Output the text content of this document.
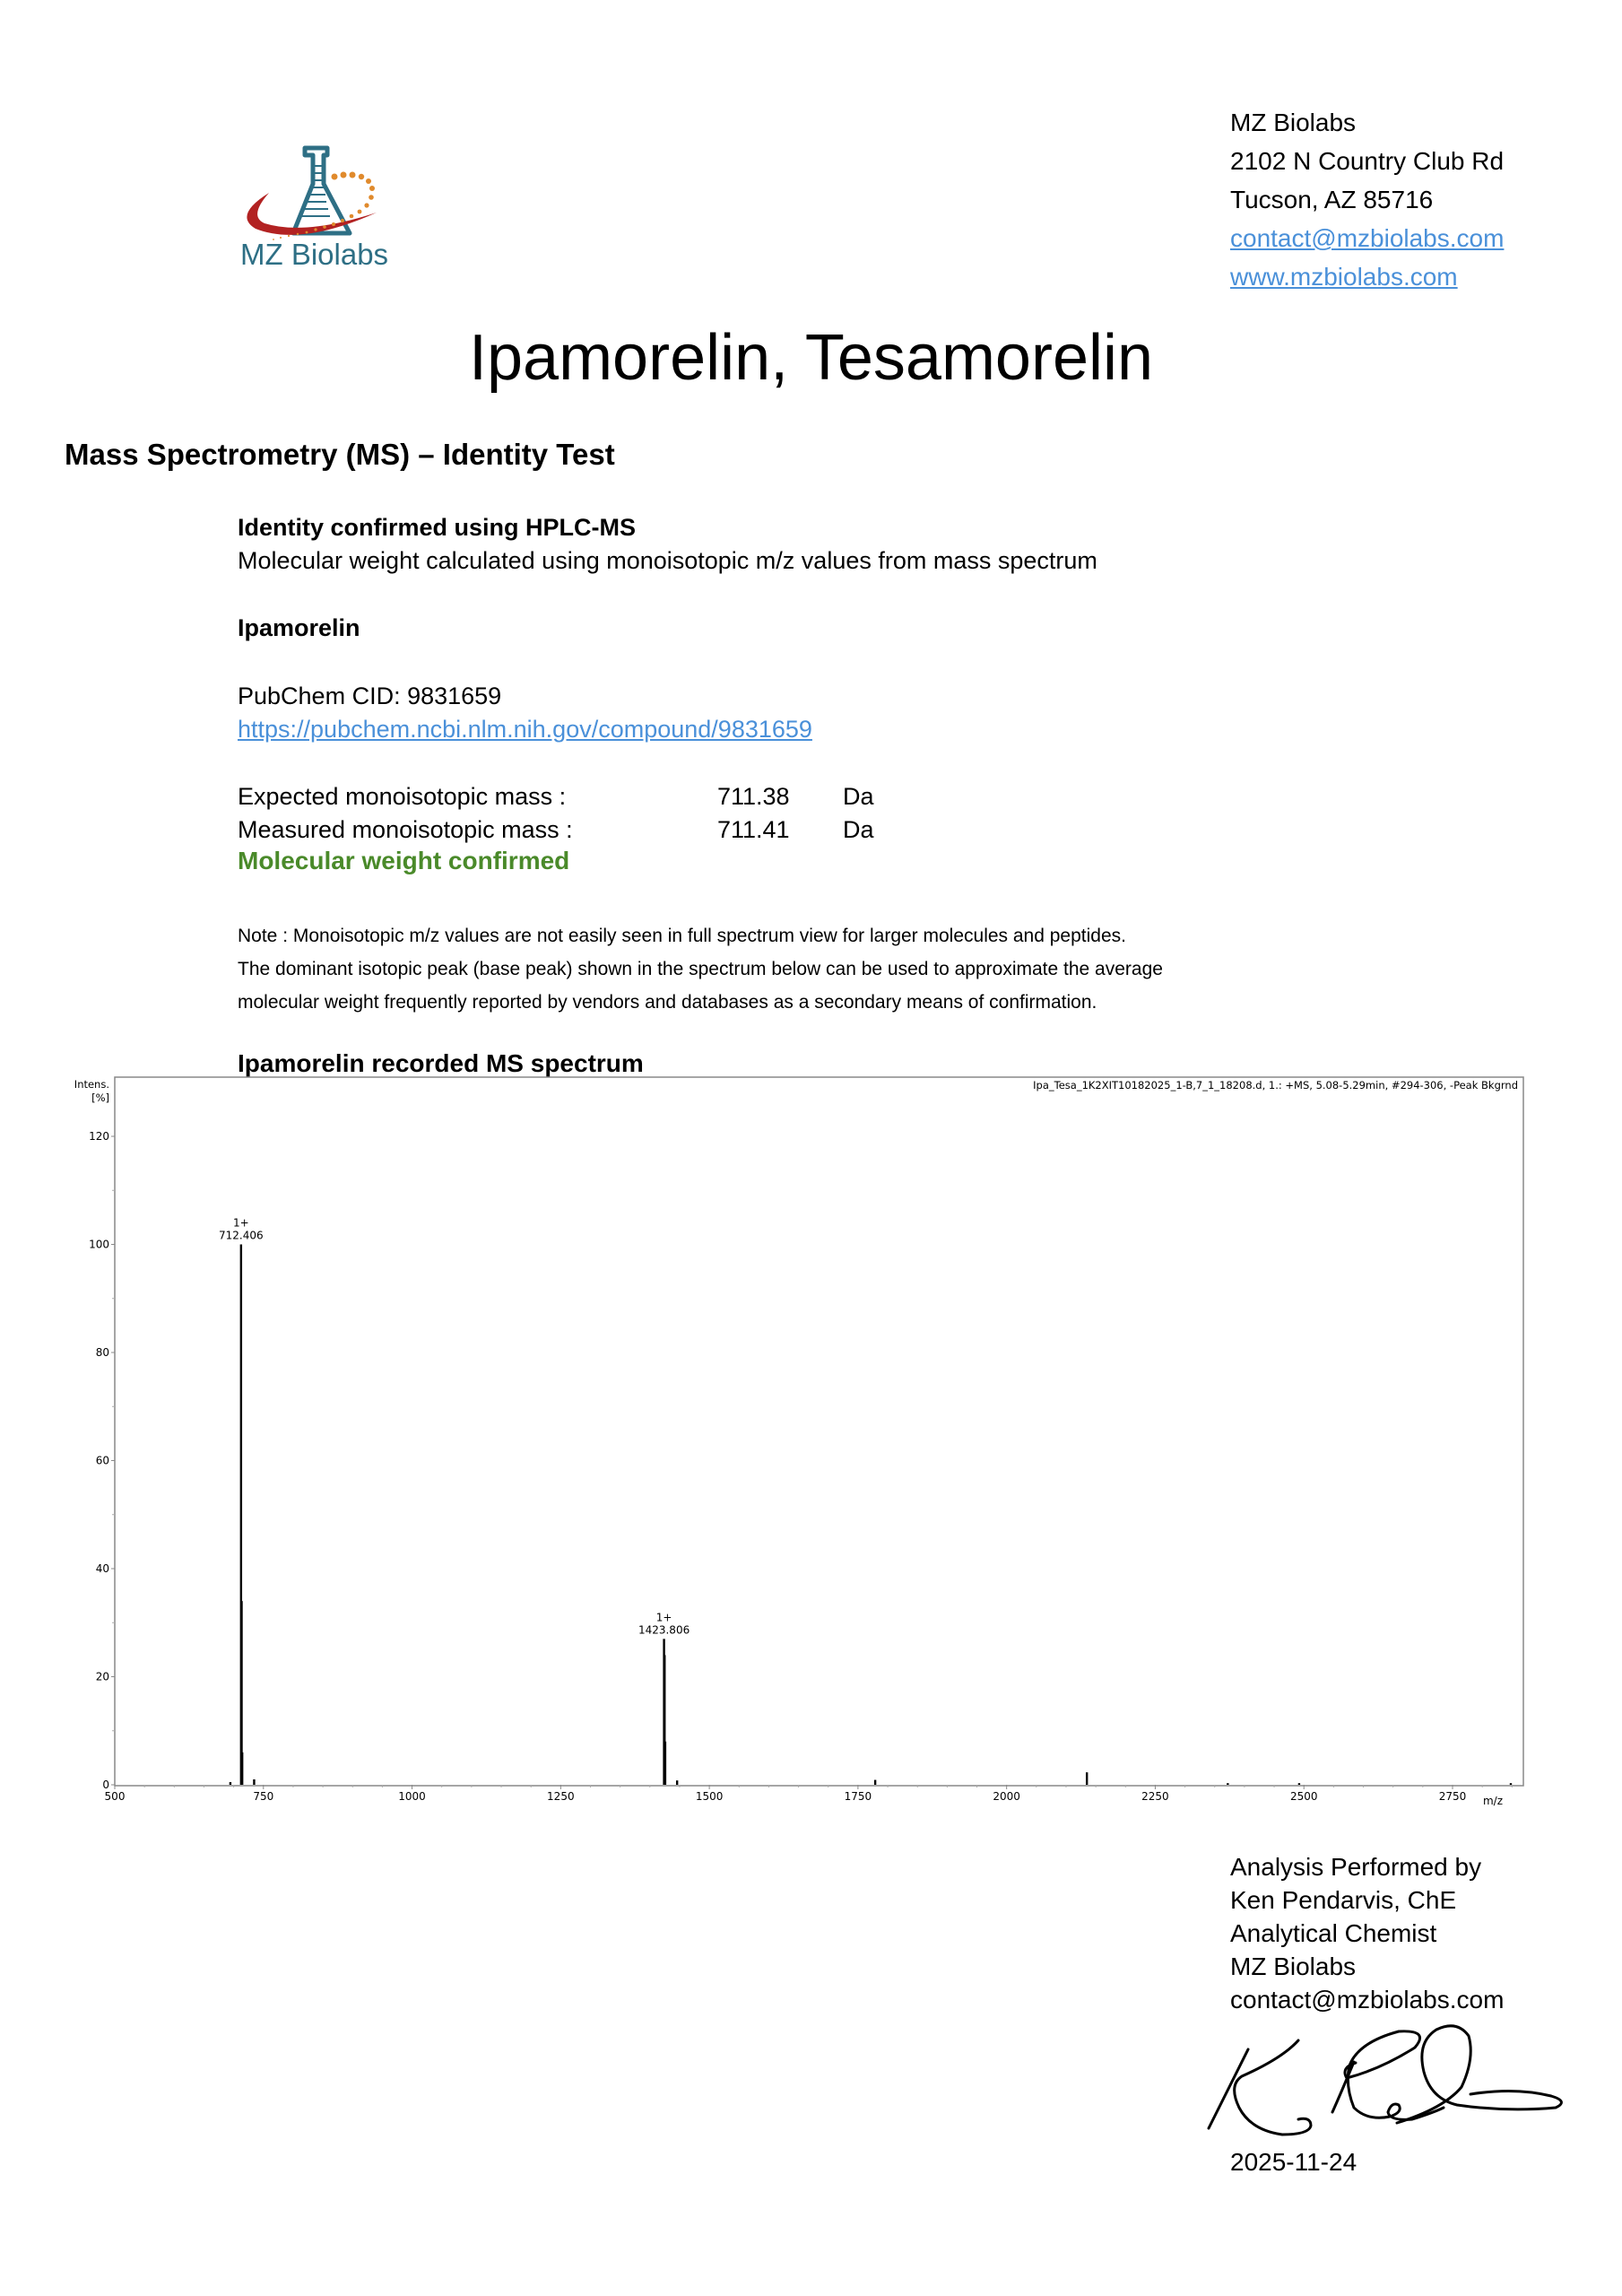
MZ Biolabs
MZ Biolabs
2102 N Country Club Rd
Tucson, AZ 85716
contact@mzbiolabs.com
www.mzbiolabs.com
Ipamorelin, Tesamorelin
Mass Spectrometry (MS) – Identity Test
Identity confirmed using HPLC-MS
Molecular weight calculated using monoisotopic m/z values from mass spectrum
Ipamorelin
PubChem CID: 9831659
https://pubchem.ncbi.nlm.nih.gov/compound/9831659
Expected monoisotopic mass :	711.38 Da
Measured monoisotopic mass :	711.41 Da
Molecular weight confirmed
Note : Monoisotopic m/z values are not easily seen in full spectrum view for larger molecules and peptides.
The dominant isotopic peak (base peak) shown in the spectrum below can be used to approximate the average
molecular weight frequently reported by vendors and databases as a secondary means of confirmation.
Ipamorelin recorded MS spectrum
Ipa_Tesa_1K2XIT10182025_1-B,7_1_18208.d, 1.: +MS, 5.08-5.29min, #294-306, -Peak Bkgrnd
Intens.
[%]
m/z
500	750	1000	1250	1500	1750	2000	2250	2500	2750
0
20
40
60
80
100
120
1+
712.406
1+
1423.806
Analysis Performed by
Ken Pendarvis, ChE
Analytical Chemist
MZ Biolabs
contact@mzbiolabs.com
2025-11-24
